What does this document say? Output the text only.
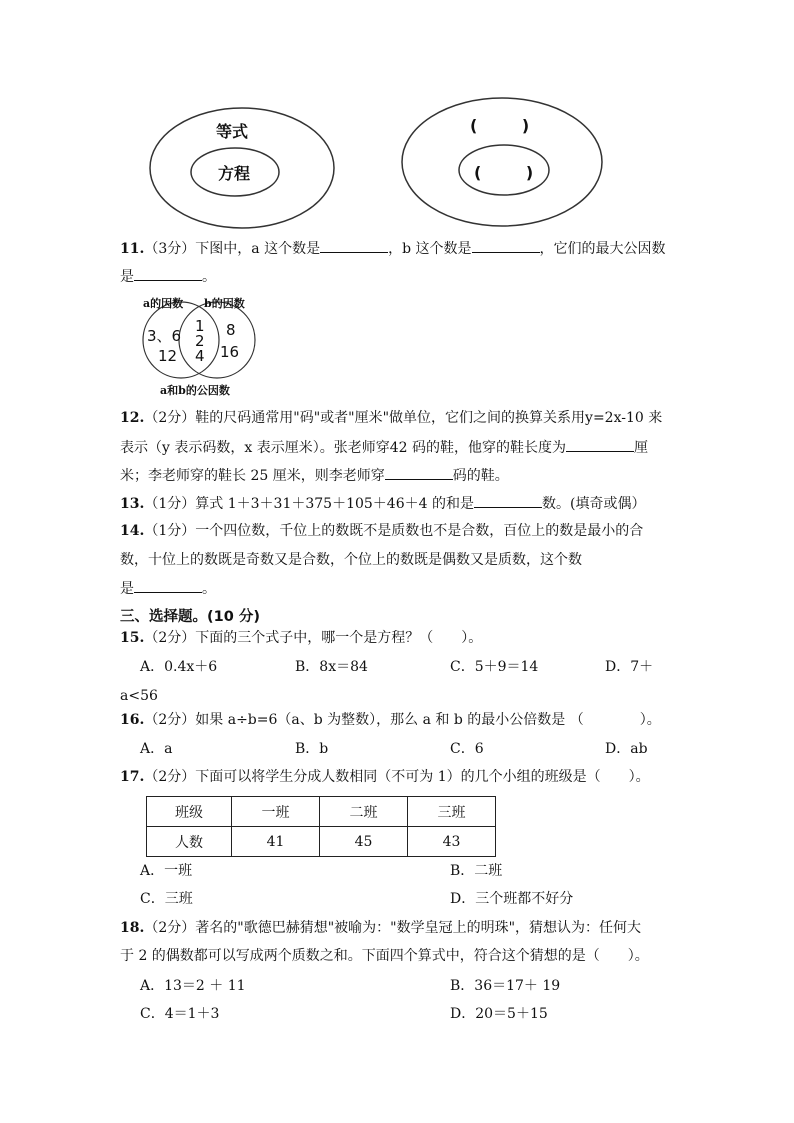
等式
方程
(        )
(        )
11.（3分）下图中，a 这个数是	，b 这个数是	，它们的最大公因数
是	。
a的因数 b的因数
3、6
12
1
2
4
8
16
a和b的公因数
12.（2分）鞋的尺码通常用"码"或者"厘米"做单位，它们之间的换算关系用y=2x-10 来
表示（y 表示码数，x 表示厘米）。张老师穿42 码的鞋，他穿的鞋长度为	厘
米；李老师穿的鞋长 25 厘米，则李老师穿	码的鞋。
13.（1分）算式 1＋3＋31＋375＋105＋46＋4 的和是	数。(填奇或偶）
14.（1分）一个四位数，千位上的数既不是质数也不是合数，百位上的数是最小的合
数，十位上的数既是奇数又是合数，个位上的数既是偶数又是质数，这个数
是	。
三、选择题。(10 分)
15.（2分）下面的三个式子中，哪一个是方程？（　　）。
A．0.4x＋6	B．8x＝84	C．5＋9＝14	D．7＋
a<56
16.（2分）如果 a÷b=6（a、b 为整数），那么 a 和 b 的最小公倍数是 （　　　　）。
A．a	B．b	C．6	D．ab
17.（2分）下面可以将学生分成人数相同（不可为 1）的几个小组的班级是（　　）。
班级	一班	二班	三班
人数	41	45	43
A．一班	B．二班
C．三班	D．三个班都不好分
18.（2分）著名的"歌德巴赫猜想"被喻为："数学皇冠上的明珠"，猜想认为：任何大
于 2 的偶数都可以写成两个质数之和。下面四个算式中，符合这个猜想的是（　　）。
A．13＝2 ＋ 11	B．36＝17＋ 19
C．4＝1＋3	D．20＝5＋15
